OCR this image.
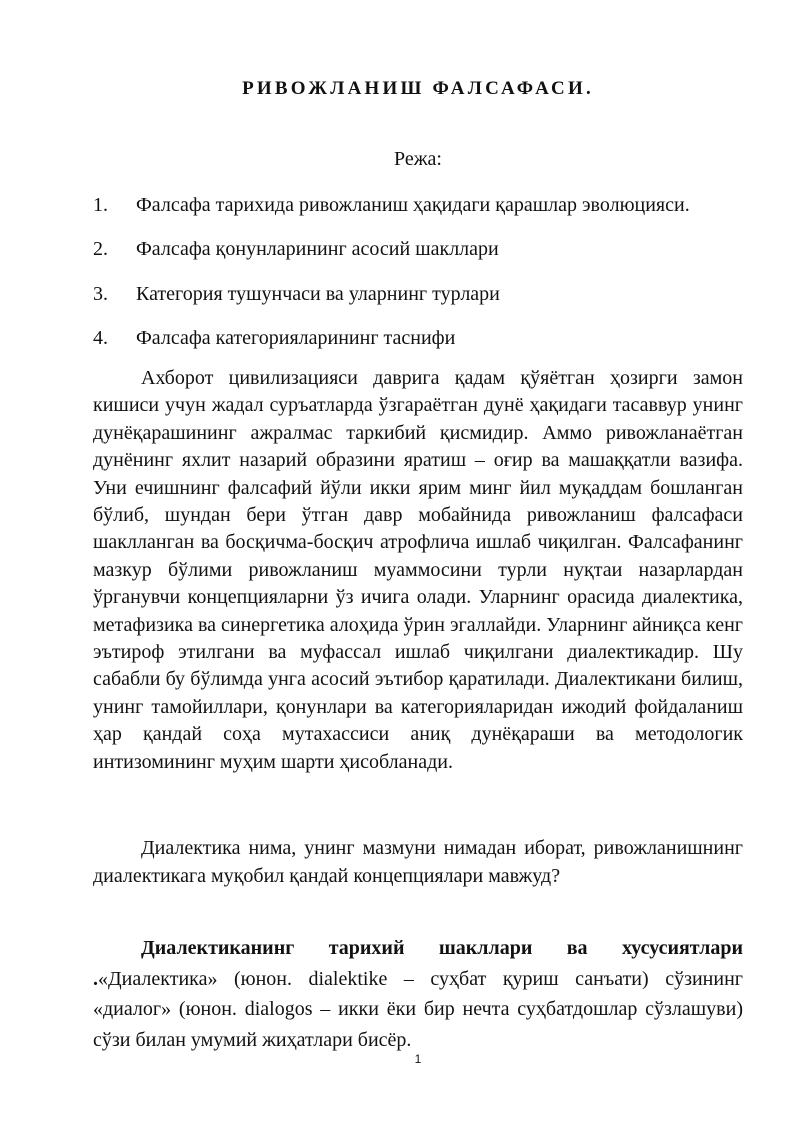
РИВОЖЛАНИШ ФАЛСАФАСИ.
Режа:
1. Фалсафа тарихида ривожланиш ҳақидаги қарашлар эволюцияси.
2. Фалсафа қонунларининг асосий шакллари
3. Категория тушунчаси ва уларнинг турлари
4. Фалсафа категорияларининг таснифи

Ахборот цивилизацияси даврига қадам қўяётган ҳозирги замон кишиси учун жадал суръатларда ўзгараётган дунё ҳақидаги тасаввур унинг дунёқарашининг ажралмас таркибий қисмидир. Аммо ривожланаётган дунёнинг яхлит назарий образини яратиш – оғир ва машаққатли вазифа. Уни ечишнинг фалсафий йўли икки ярим минг йил муқаддам бошланган бўлиб, шундан бери ўтган давр мобайнида ривожланиш фалсафаси шаклланган ва босқичма-босқич атрофлича ишлаб чиқилган. Фалсафанинг мазкур бўлими ривожланиш муаммосини турли нуқтаи назарлардан ўрганувчи концепцияларни ўз ичига олади. Уларнинг орасида диалектика, метафизика ва синергетика алоҳида ўрин эгаллайди. Уларнинг айниқса кенг эътироф этилгани ва муфассал ишлаб чиқилгани диалектикадир. Шу сабабли бу бўлимда унга асосий эътибор қаратилади. Диалектикани билиш, унинг тамойиллари, қонунлари ва категорияларидан ижодий фойдаланиш ҳар қандай соҳа мутахассиси аниқ дунёқараши ва методологик интизомининг муҳим шарти ҳисобланади.

Диалектика нима, унинг мазмуни нимадан иборат, ривожланишнинг диалектикага муқобил қандай концепциялари мавжуд?

Диалектиканинг тарихий шакллари ва хусусиятлари .«Диалектика» (юнон. dialektike – суҳбат қуриш санъати) сўзининг «диалог» (юнон. dialogos – икки ёки бир нечта суҳбатдошлар сўзлашуви) сўзи билан умумий жиҳатлари бисёр.

1
